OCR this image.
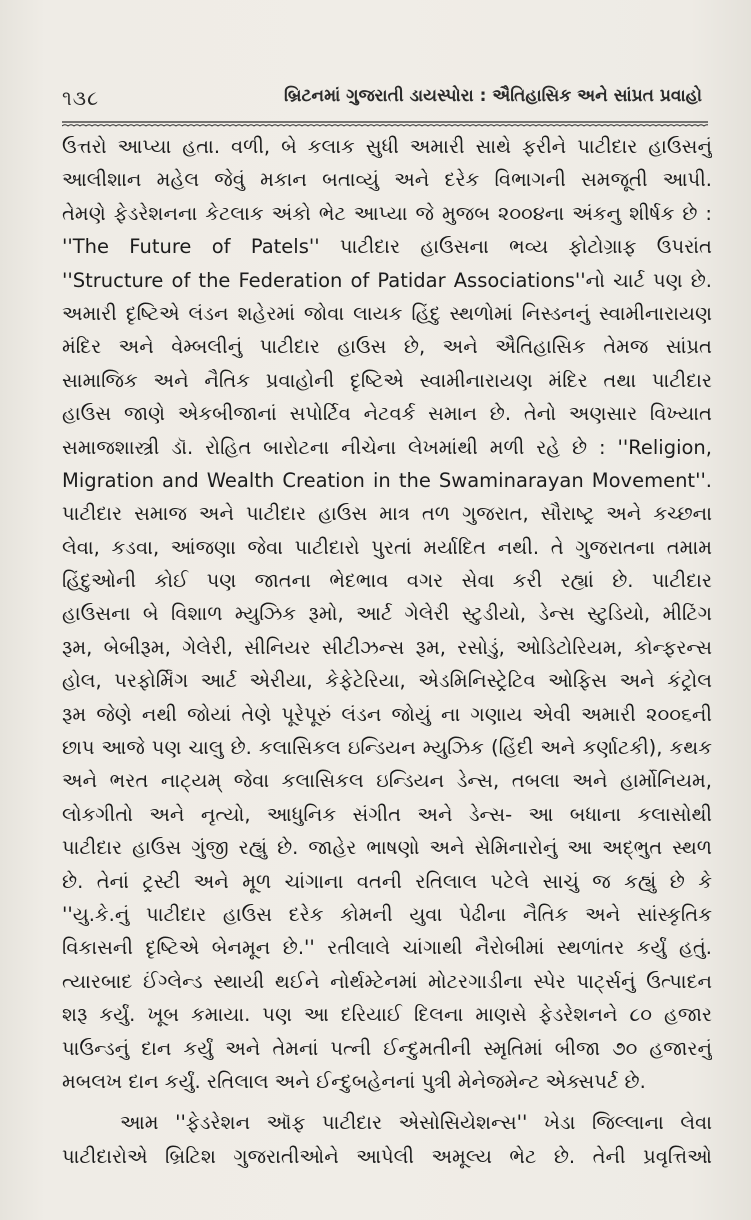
૧૩૮	બ્રિટનમાં ગુજરાતી ડાયસ્પોરા : ઐતિહાસિક અને સાંપ્રત પ્રવાહો
ઉત્તરો આપ્યા હતા. વળી, બે કલાક સુધી અમારી સાથે ફરીને પાટીદાર હાઉસનું
આલીશાન મહેલ જેવું મકાન બતાવ્યું અને દરેક વિભાગની સમજૂતી આપી.
તેમણે ફેડરેશનના કેટલાક અંકો ભેટ આપ્યા જે મુજબ ૨૦૦૪ના અંકનુ શીર્ષક છે :
''The Future of Patels'' પાટીદાર હાઉસના ભવ્ય ફોટોગ્રાફ ઉપરાંત
''Structure of the Federation of Patidar Associations''નો ચાર્ટ પણ છે.
અમારી દૃષ્ટિએ લંડન શહેરમાં જોવા લાયક હિંદુ સ્થળોમાં નિસ્ડનનું સ્વામીનારાયણ
મંદિર અને વેમ્બલીનું પાટીદાર હાઉસ છે, અને ઐતિહાસિક તેમજ સાંપ્રત
સામાજિક અને નૈતિક પ્રવાહોની દૃષ્ટિએ સ્વામીનારાયણ મંદિર તથા પાટીદાર
હાઉસ જાણે એકબીજાનાં સપોર્ટિવ નેટવર્ક સમાન છે. તેનો અણસાર વિખ્યાત
સમાજશાસ્ત્રી ડૉ. રોહિત બારોટના નીચેના લેખમાંથી મળી રહે છે : ''Religion,
Migration and Wealth Creation in the Swaminarayan Movement''.
પાટીદાર સમાજ અને પાટીદાર હાઉસ માત્ર તળ ગુજરાત, સૌરાષ્ટ્ર અને કચ્છના
લેવા, કડવા, આંજણા જેવા પાટીદારો પુરતાં મર્યાદિત નથી. તે ગુજરાતના તમામ
હિંદુઓની કોઈ પણ જાતના ભેદભાવ વગર સેવા કરી રહ્યાં છે. પાટીદાર
હાઉસના બે વિશાળ મ્યુઝિક રૂમો, આર્ટ ગેલેરી સ્ટુડીયો, ડેન્સ સ્ટુડિયો, મીટિંગ
રૂમ, બેબીરૂમ, ગેલેરી, સીનિયર સીટીઝન્સ રૂમ, રસોડું, ઓડિટોરિયમ, કોન્ફરન્સ
હોલ, પરફોર્મિંગ આર્ટ એરીયા, કેફેટેરિયા, એડમિનિસ્ટ્રેટિવ ઓફિસ અને કંટ્રોલ
રૂમ જેણે નથી જોયાં તેણે પૂરેપૂરું લંડન જોયું ના ગણાય એવી અમારી ૨૦૦૬ની
છાપ આજે પણ ચાલુ છે. કલાસિકલ ઇન્ડિયન મ્યુઝિક (હિંદી અને કર્ણાટકી), કથક
અને ભરત નાટ્યમ્ જેવા કલાસિકલ ઇન્ડિયન ડેન્સ, તબલા અને હાર્મોનિયમ,
લોકગીતો અને નૃત્યો, આધુનિક સંગીત અને ડેન્સ- આ બધાના કલાસોથી
પાટીદાર હાઉસ ગુંજી રહ્યું છે. જાહેર ભાષણો અને સેમિનારોનું આ અદ્ભુત સ્થળ
છે. તેનાં ટ્રસ્ટી અને મૂળ ચાંગાના વતની રતિલાલ પટેલે સાચું જ કહ્યું છે કે
''યુ.કે.નું પાટીદાર હાઉસ દરેક કોમની યુવા પેઢીના નૈતિક અને સાંસ્કૃતિક
વિકાસની દૃષ્ટિએ બેનમૂન છે.'' રતીલાલે ચાંગાથી નૈરોબીમાં સ્થળાંતર કર્યું હતું.
ત્યારબાદ ઈંગ્લેન્ડ સ્થાયી થઈને નોર્થમ્ટેનમાં મોટરગાડીના સ્પેર પાર્ટ્સનું ઉત્પાદન
શરૂ કર્યું. ખૂબ કમાયા. પણ આ દરિયાઈ દિલના માણસે ફેડરેશનને ૮૦ હજાર
પાઉન્ડનું દાન કર્યું અને તેમનાં પત્ની ઈન્દુમતીની સ્મૃતિમાં બીજા ૭૦ હજારનું
મબલખ દાન કર્યું. રતિલાલ અને ઈન્દુબહેનનાં પુત્રી મેનેજમેન્ટ એક્સપર્ટ છે.
આમ ''ફેડરેશન ઑફ પાટીદાર એસોસિયેશન્સ'' ખેડા જિલ્લાના લેવા
પાટીદારોએ બ્રિટિશ ગુજરાતીઓને આપેલી અમૂલ્ય ભેટ છે. તેની પ્રવૃત્તિઓ
